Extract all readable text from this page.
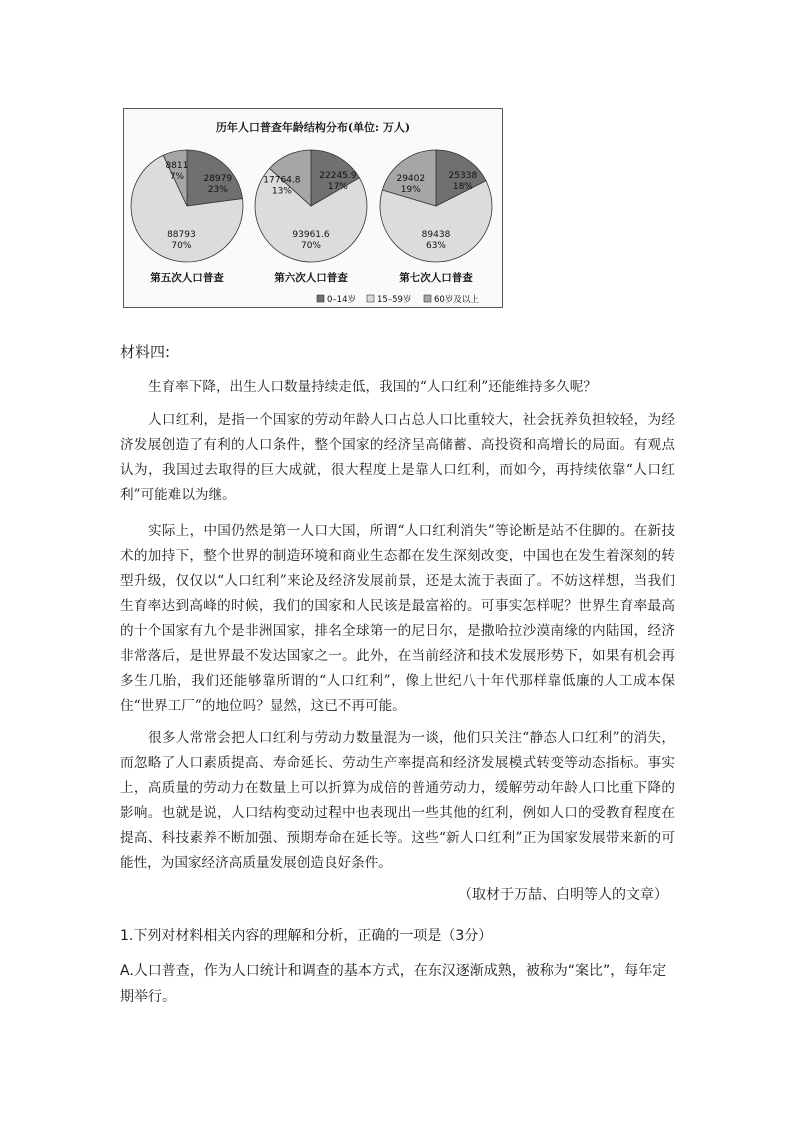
历年人口普查年龄结构分布(单位: 万人)
28979
23%
88793
70%
8811
7%
第五次人口普查
22245.9
17%
93961.6
70%
17764.8
13%
第六次人口普查
25338
18%
89438
63%
29402
19%
第七次人口普查
0–14岁 15–59岁	60岁及以上
材料四:

生育率下降，出生人口数量持续走低，我国的“人口红利”还能维持多久呢？

人口红利，是指一个国家的劳动年龄人口占总人口比重较大，社会抚养负担较轻，为经济发展创造了有利的人口条件，整个国家的经济呈高储蓄、高投资和高增长的局面。有观点认为，我国过去取得的巨大成就，很大程度上是靠人口红利，而如今，再持续依靠“人口红利”可能难以为继。

实际上，中国仍然是第一人口大国，所谓“人口红利消失”等论断是站不住脚的。在新技术的加持下，整个世界的制造环境和商业生态都在发生深刻改变，中国也在发生着深刻的转型升级，仅仅以“人口红利”来论及经济发展前景，还是太流于表面了。不妨这样想，当我们生育率达到高峰的时候，我们的国家和人民该是最富裕的。可事实怎样呢？世界生育率最高的十个国家有九个是非洲国家，排名全球第一的尼日尔，是撒哈拉沙漠南缘的内陆国，经济非常落后，是世界最不发达国家之一。此外，在当前经济和技术发展形势下，如果有机会再多生几胎，我们还能够靠所谓的“人口红利”，像上世纪八十年代那样靠低廉的人工成本保住“世界工厂”的地位吗？显然，这已不再可能。

很多人常常会把人口红利与劳动力数量混为一谈，他们只关注“静态人口红利”的消失，而忽略了人口素质提高、寿命延长、劳动生产率提高和经济发展模式转变等动态指标。事实上，高质量的劳动力在数量上可以折算为成倍的普通劳动力，缓解劳动年龄人口比重下降的影响。也就是说，人口结构变动过程中也表现出一些其他的红利，例如人口的受教育程度在提高、科技素养不断加强、预期寿命在延长等。这些“新人口红利”正为国家发展带来新的可能性，为国家经济高质量发展创造良好条件。

（取材于万喆、白明等人的文章）
1.下列对材料相关内容的理解和分析，正确的一项是（3分）

A.人口普查，作为人口统计和调查的基本方式，在东汉逐渐成熟，被称为“案比”，每年定期举行。
